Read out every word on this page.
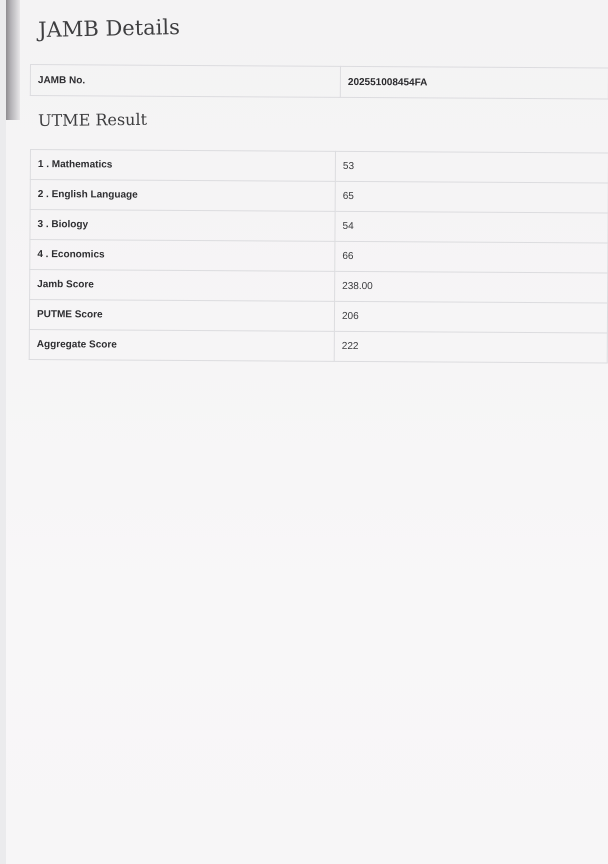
JAMB Details
JAMB No.	202551008454FA
UTME Result
1 . Mathematics	53
2 . English Language	65
3 . Biology	54
4 . Economics	66
Jamb Score	238.00
PUTME Score	206
Aggregate Score	222
